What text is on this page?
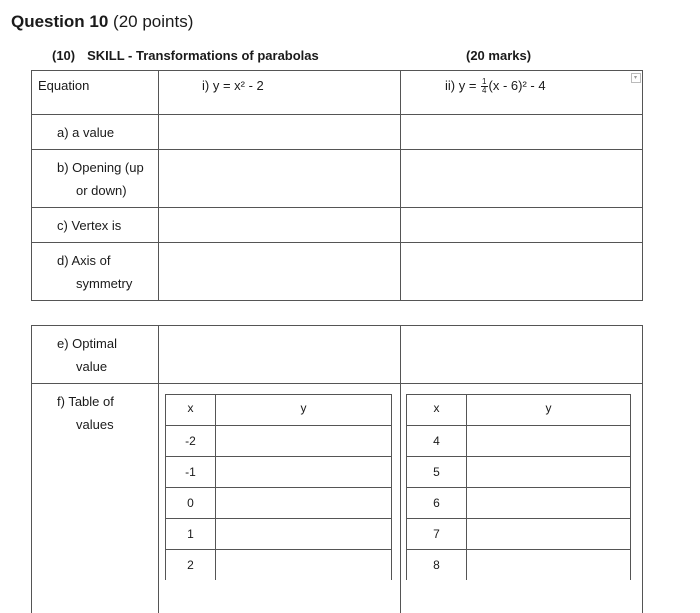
Question 10 (20 points)
(10) SKILL - Transformations of parabolas	(20 marks)
Equation	i) y = x² - 2	ii) $y = \frac{1}{4} (x - 6)^2 - 4$
▾

a) a value		

b) Opening (up
or down)		

c) Vertex is		

d) Axis of
symmetry		

e) Optimal
value

f) Table of
values

x	y
-2	
-1	
0	
1	
2	

x	y
4	
5	
6	
7	
8	
